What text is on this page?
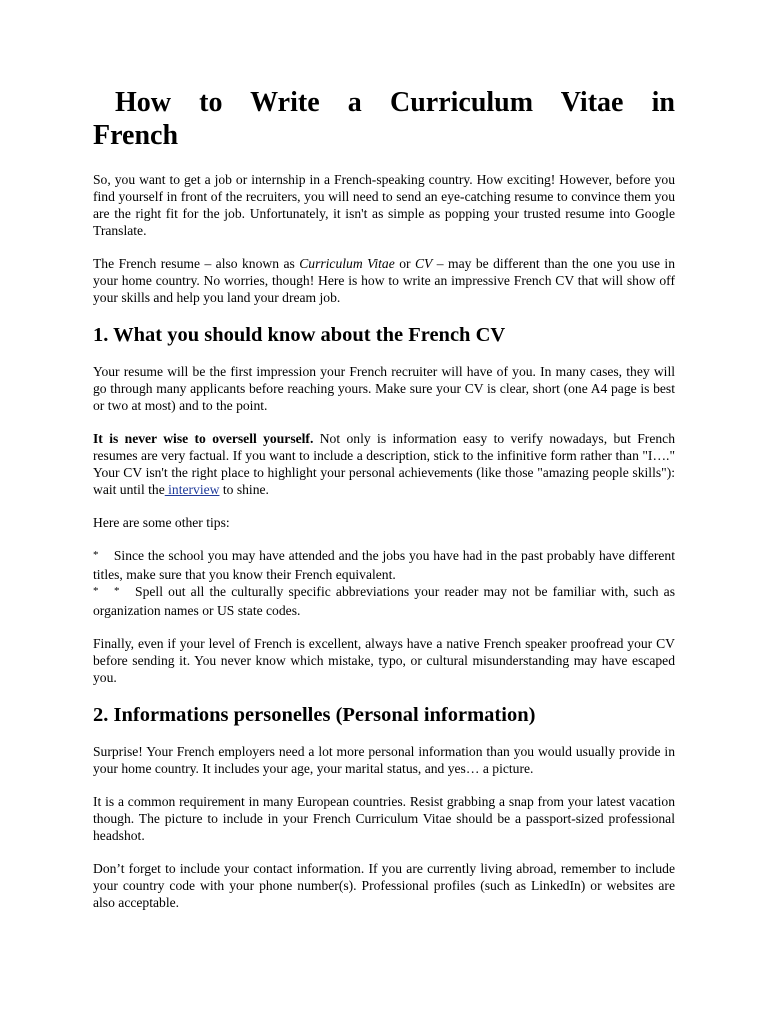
How to Write a Curriculum Vitae in French

So, you want to get a job or internship in a French-speaking country. How exciting! However, before you find yourself in front of the recruiters, you will need to send an eye-catching resume to convince them you are the right fit for the job. Unfortunately, it isn't as simple as popping your trusted resume into Google Translate.

The French resume – also known as Curriculum Vitae or CV – may be different than the one you use in your home country. No worries, though! Here is how to write an impressive French CV that will show off your skills and help you land your dream job.

1. What you should know about the French CV

Your resume will be the first impression your French recruiter will have of you. In many cases, they will go through many applicants before reaching yours. Make sure your CV is clear, short (one A4 page is best or two at most) and to the point.

It is never wise to oversell yourself. Not only is information easy to verify nowadays, but French resumes are very factual. If you want to include a description, stick to the infinitive form rather than "I…." Your CV isn't the right place to highlight your personal achievements (like those "amazing people skills"): wait until the interview to shine.

Here are some other tips:

* Since the school you may have attended and the jobs you have had in the past probably have different titles, make sure that you know their French equivalent.

* * Spell out all the culturally specific abbreviations your reader may not be familiar with, such as organization names or US state codes.

Finally, even if your level of French is excellent, always have a native French speaker proofread your CV before sending it. You never know which mistake, typo, or cultural misunderstanding may have escaped you.

2. Informations personelles (Personal information)

Surprise! Your French employers need a lot more personal information than you would usually provide in your home country. It includes your age, your marital status, and yes… a picture.

It is a common requirement in many European countries. Resist grabbing a snap from your latest vacation though. The picture to include in your French Curriculum Vitae should be a passport-sized professional headshot.

Don’t forget to include your contact information. If you are currently living abroad, remember to include your country code with your phone number(s). Professional profiles (such as LinkedIn) or websites are also acceptable.
